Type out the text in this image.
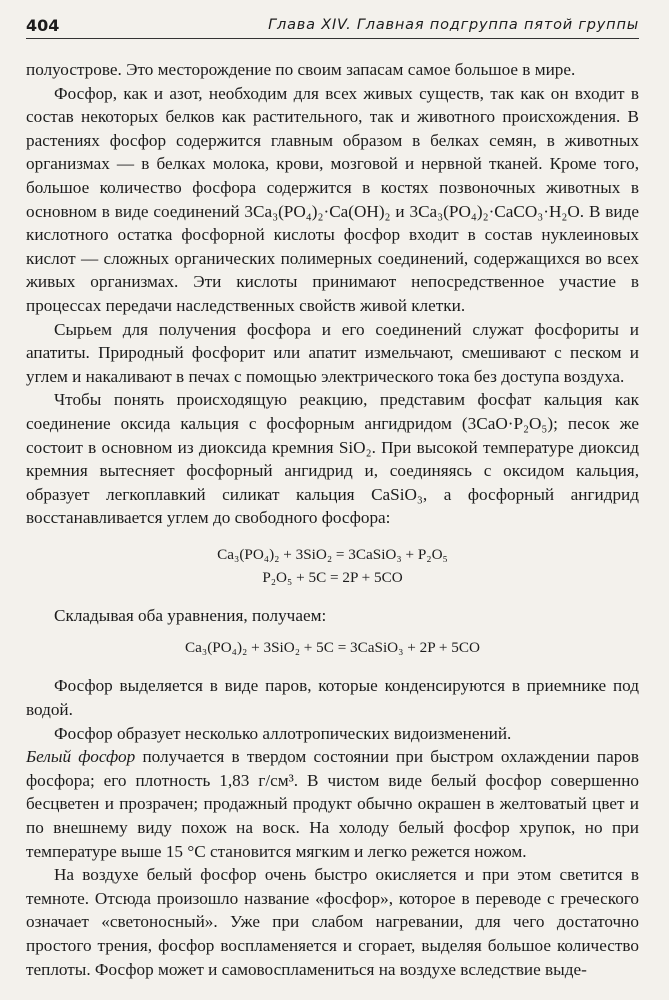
404	Глава XIV. Главная подгруппа пятой группы

полуострове. Это месторождение по своим запасам самое большое в мире.

Фосфор, как и азот, необходим для всех живых существ, так как он входит в состав некоторых белков как растительного, так и животного происхождения. В растениях фосфор содержится главным образом в белках семян, в животных организмах — в белках молока, крови, мозговой и нервной тканей. Кроме того, большое количество фосфора содержится в костях позвоночных животных в основном в виде соединений 3Ca₃(PO₄)₂·Ca(OH)₂ и 3Ca₃(PO₄)₂·CaCO₃·H₂O. В виде кислотного остатка фосфорной кислоты фосфор входит в состав нуклеиновых кислот — сложных органических полимерных соединений, содержащихся во всех живых организмах. Эти кислоты принимают непосредственное участие в процессах передачи наследственных свойств живой клетки.

Сырьем для получения фосфора и его соединений служат фосфориты и апатиты. Природный фосфорит или апатит измельчают, смешивают с песком и углем и накаливают в печах с помощью электрического тока без доступа воздуха.

Чтобы понять происходящую реакцию, представим фосфат кальция как соединение оксида кальция с фосфорным ангидридом (3CaO·P₂O₅); песок же состоит в основном из диоксида кремния SiO₂. При высокой температуре диоксид кремния вытесняет фосфорный ангидрид и, соединяясь с оксидом кальция, образует легкоплавкий силикат кальция CaSiO₃, а фосфорный ангидрид восстанавливается углем до свободного фосфора:

Ca₃(PO₄)₂ + 3SiO₂ = 3CaSiO₃ + P₂O₅
P₂O₅ + 5C = 2P + 5CO

Складывая оба уравнения, получаем:

Ca₃(PO₄)₂ + 3SiO₂ + 5C = 3CaSiO₃ + 2P + 5CO

Фосфор выделяется в виде паров, которые конденсируются в приемнике под водой.

Фосфор образует несколько аллотропических видоизменений.

Белый фосфор получается в твердом состоянии при быстром охлаждении паров фосфора; его плотность 1,83 г/см³. В чистом виде белый фосфор совершенно бесцветен и прозрачен; продажный продукт обычно окрашен в желтоватый цвет и по внешнему виду похож на воск. На холоду белый фосфор хрупок, но при температуре выше 15 °C становится мягким и легко режется ножом.

На воздухе белый фосфор очень быстро окисляется и при этом светится в темноте. Отсюда произошло название «фосфор», которое в переводе с греческого означает «светоносный». Уже при слабом нагревании, для чего достаточно простого трения, фосфор воспламеняется и сгорает, выделяя большое количество теплоты. Фосфор может и самовоспламениться на воздухе вследствие выде-
